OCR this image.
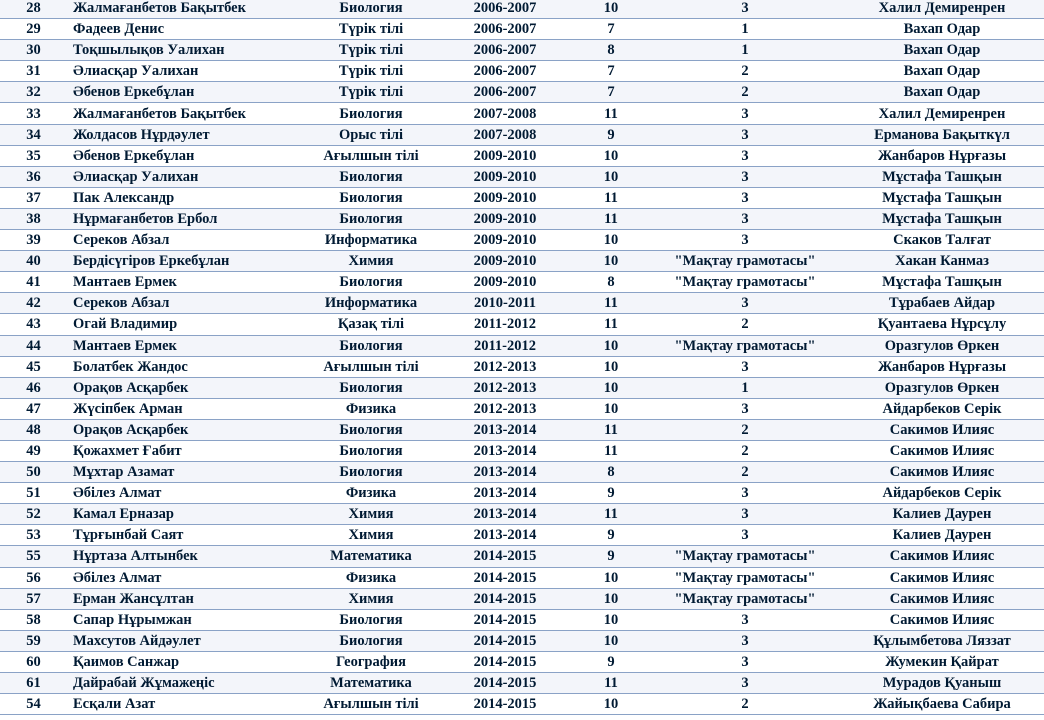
28	Жалмағанбетов Бақытбек	Биология	2006-2007	10	3	Халил Демиренрен
29	Фадеев Денис	Түрік тілі	2006-2007	7	1	Вахап Одар
30	Тоқшылықов Уалихан	Түрік тілі	2006-2007	8	1	Вахап Одар
31	Әлиасқар Уалихан	Түрік тілі	2006-2007	7	2	Вахап Одар
32	Әбенов Еркебұлан	Түрік тілі	2006-2007	7	2	Вахап Одар
33	Жалмағанбетов Бақытбек	Биология	2007-2008	11	3	Халил Демиренрен
34	Жолдасов Нұрдәулет	Орыс тілі	2007-2008	9	3	Ерманова Бақыткүл
35	Әбенов Еркебұлан	Ағылшын тілі	2009-2010	10	3	Жанбаров Нұрғазы
36	Әлиасқар Уалихан	Биология	2009-2010	10	3	Мұстафа Ташқын
37	Пак Александр	Биология	2009-2010	11	3	Мұстафа Ташқын
38	Нұрмағанбетов Ербол	Биология	2009-2010	11	3	Мұстафа Ташқын
39	Сереков Абзал	Информатика	2009-2010	10	3	Скаков Талғат
40	Бердісүгіров Еркебұлан	Химия	2009-2010	10	"Мақтау грамотасы"	Хакан Канмаз
41	Мантаев Ермек	Биология	2009-2010	8	"Мақтау грамотасы"	Мұстафа Ташқын
42	Сереков Абзал	Информатика	2010-2011	11	3	Тұрабаев Айдар
43	Огай Владимир	Қазақ тілі	2011-2012	11	2	Қуантаева Нұрсұлу
44	Мантаев Ермек	Биология	2011-2012	10	"Мақтау грамотасы"	Оразгулов Өркен
45	Болатбек Жандос	Ағылшын тілі	2012-2013	10	3	Жанбаров Нұрғазы
46	Орақов Асқарбек	Биология	2012-2013	10	1	Оразгулов Өркен
47	Жүсіпбек Арман	Физика	2012-2013	10	3	Айдарбеков Серік
48	Орақов Асқарбек	Биология	2013-2014	11	2	Сакимов Илияс
49	Қожахмет Ғабит	Биология	2013-2014	11	2	Сакимов Илияс
50	Мұхтар Азамат	Биология	2013-2014	8	2	Сакимов Илияс
51	Әбілез Алмат	Физика	2013-2014	9	3	Айдарбеков Серік
52	Камал Ерназар	Химия	2013-2014	11	3	Калиев Даурен
53	Тұрғынбай Саят	Химия	2013-2014	9	3	Калиев Даурен
55	Нұртаза Алтынбек	Математика	2014-2015	9	"Мақтау грамотасы"	Сакимов Илияс
56	Әбілез Алмат	Физика	2014-2015	10	"Мақтау грамотасы"	Сакимов Илияс
57	Ерман Жансұлтан	Химия	2014-2015	10	"Мақтау грамотасы"	Сакимов Илияс
58	Сапар Нұрымжан	Биология	2014-2015	10	3	Сакимов Илияс
59	Махсутов Айдәулет	Биология	2014-2015	10	3	Құлымбетова Ляззат
60	Қаимов Санжар	География	2014-2015	9	3	Жумекин Қайрат
61	Дайрабай Жұмажеңіс	Математика	2014-2015	11	3	Мурадов Қуаныш
54	Есқали Азат	Ағылшын тілі	2014-2015	10	2	Жайықбаева Сабира
